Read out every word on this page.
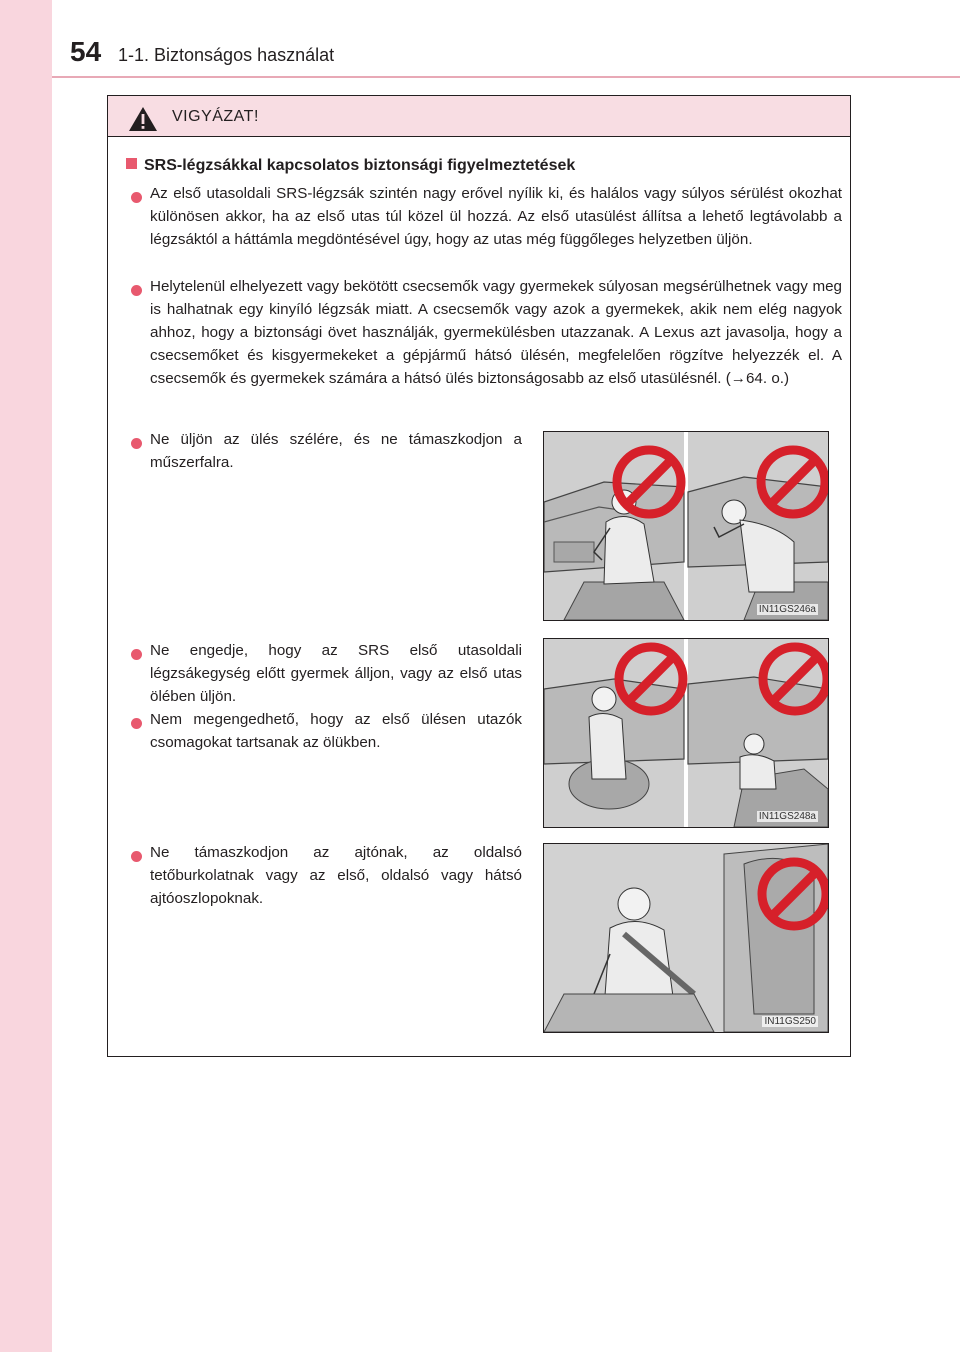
54 1-1. Biztonságos használat
VIGYÁZAT!
SRS-légzsákkal kapcsolatos biztonsági figyelmeztetések
Az első utasoldali SRS-légzsák szintén nagy erővel nyílik ki, és halálos vagy súlyos sérülést okozhat különösen akkor, ha az első utas túl közel ül hozzá. Az első utasülést állítsa a lehető legtávolabb a légzsáktól a háttámla megdöntésével úgy, hogy az utas még függőleges helyzetben üljön.
Helytelenül elhelyezett vagy bekötött csecsemők vagy gyermekek súlyosan megsérülhetnek vagy meg is halhatnak egy kinyíló légzsák miatt. A csecsemők vagy azok a gyermekek, akik nem elég nagyok ahhoz, hogy a biztonsági övet használják, gyermekülésben utazzanak. A Lexus azt javasolja, hogy a csecsemőket és kisgyermekeket a gépjármű hátsó ülésén, megfelelően rögzítve helyezzék el. A csecsemők és gyermekek számára a hátsó ülés biztonságosabb az első utasülésnél. (→64. o.)
Ne üljön az ülés szélére, és ne támaszkodjon a műszerfalra.
Ne engedje, hogy az SRS első utasoldali légzsákegység előtt gyermek álljon, vagy az első utas ölében üljön.
Nem megengedhető, hogy az első ülésen utazók csomagokat tartsanak az ölükben.
Ne támaszkodjon az ajtónak, az oldalsó tetőburkolatnak vagy az első, oldalsó vagy hátsó ajtóoszlopoknak.
IN11GS246a
IN11GS248a
IN11GS250
